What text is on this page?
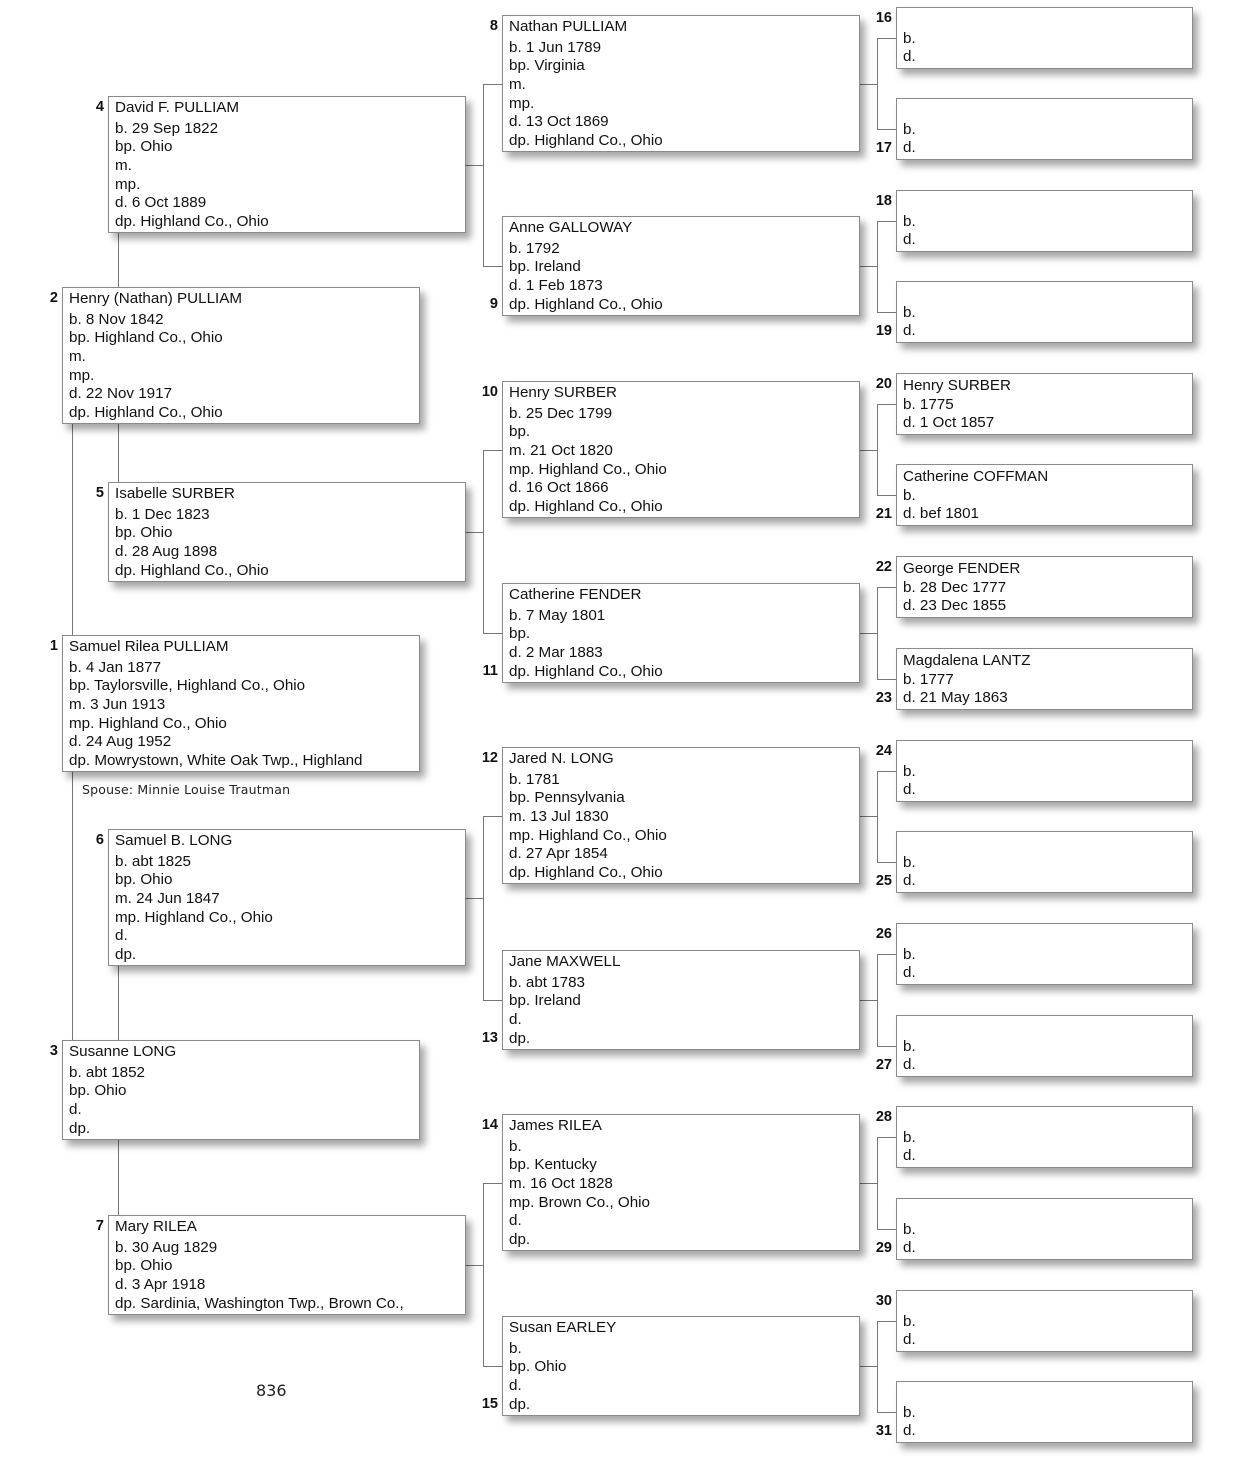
Samuel Rilea PULLIAM
b. 4 Jan 1877
bp. Taylorsville, Highland Co., Ohio
m. 3 Jun 1913
mp. Highland Co., Ohio
d. 24 Aug 1952
dp. Mowrystown, White Oak Twp., Highland
1
Henry (Nathan) PULLIAM
b. 8 Nov 1842
bp. Highland Co., Ohio
m.
mp.
d. 22 Nov 1917
dp. Highland Co., Ohio
2
Susanne LONG
b. abt 1852
bp. Ohio
d.
dp.
3
David F. PULLIAM
b. 29 Sep 1822
bp. Ohio
m.
mp.
d. 6 Oct 1889
dp. Highland Co., Ohio
4
Isabelle SURBER
b. 1 Dec 1823
bp. Ohio
d. 28 Aug 1898
dp. Highland Co., Ohio
5
Samuel B. LONG
b. abt 1825
bp. Ohio
m. 24 Jun 1847
mp. Highland Co., Ohio
d.
dp.
6
Mary RILEA
b. 30 Aug 1829
bp. Ohio
d. 3 Apr 1918
dp. Sardinia, Washington Twp., Brown Co.,
7
Nathan PULLIAM
b. 1 Jun 1789
bp. Virginia
m.
mp.
d. 13 Oct 1869
dp. Highland Co., Ohio
8
Anne GALLOWAY
b. 1792
bp. Ireland
d. 1 Feb 1873
dp. Highland Co., Ohio
9
Henry SURBER
b. 25 Dec 1799
bp.
m. 21 Oct 1820
mp. Highland Co., Ohio
d. 16 Oct 1866
dp. Highland Co., Ohio
10
Catherine FENDER
b. 7 May 1801
bp.
d. 2 Mar 1883
dp. Highland Co., Ohio
11
Jared N. LONG
b. 1781
bp. Pennsylvania
m. 13 Jul 1830
mp. Highland Co., Ohio
d. 27 Apr 1854
dp. Highland Co., Ohio
12
Jane MAXWELL
b. abt 1783
bp. Ireland
d.
dp.
13
James RILEA
b.
bp. Kentucky
m. 16 Oct 1828
mp. Brown Co., Ohio
d.
dp.
14
Susan EARLEY
b.
bp. Ohio
d.
dp.
15
b.
d.
16
b.
d.
17
b.
d.
18
b.
d.
19
Henry SURBER
b. 1775
d. 1 Oct 1857
20
Catherine COFFMAN
b.
d. bef 1801
21
George FENDER
b. 28 Dec 1777
d. 23 Dec 1855
22
Magdalena LANTZ
b. 1777
d. 21 May 1863
23
b.
d.
24
b.
d.
25
b.
d.
26
b.
d.
27
b.
d.
28
b.
d.
29
b.
d.
30
b.
d.
31
Spouse: Minnie Louise Trautman
836
